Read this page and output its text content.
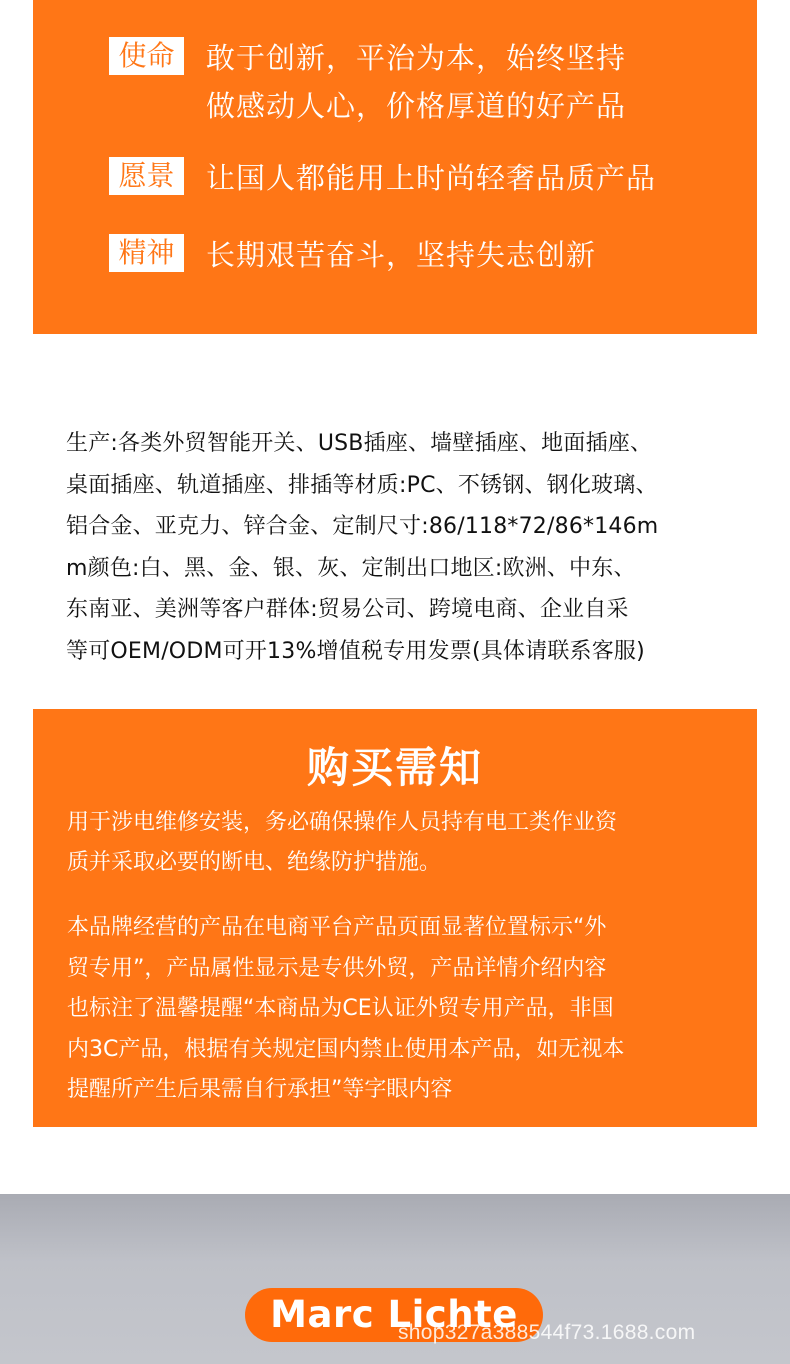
使命	敢于创新，平治为本，始终坚持
做感动人心，价格厚道的好产品
愿景	让国人都能用上时尚轻奢品质产品
精神	长期艰苦奋斗，坚持失志创新
生产:各类外贸智能开关、USB插座、墙壁插座、地面插座、
桌面插座、轨道插座、排插等材质:PC、不锈钢、钢化玻璃、
铝合金、亚克力、锌合金、定制尺寸:86/118*72/86*146m
m颜色:白、黑、金、银、灰、定制出口地区:欧洲、中东、
东南亚、美洲等客户群体:贸易公司、跨境电商、企业自采
等可OEM/ODM可开13%增值税专用发票(具体请联系客服)
购买需知
用于涉电维修安装，务必确保操作人员持有电工类作业资
质并采取必要的断电、绝缘防护措施。
本品牌经营的产品在电商平台产品页面显著位置标示“外
贸专用”，产品属性显示是专供外贸，产品详情介绍内容
也标注了温馨提醒“本商品为CE认证外贸专用产品，非国
内3C产品，根据有关规定国内禁止使用本产品，如无视本
提醒所产生后果需自行承担”等字眼内容
Marc Lichte
shop327a388544f73.1688.com
